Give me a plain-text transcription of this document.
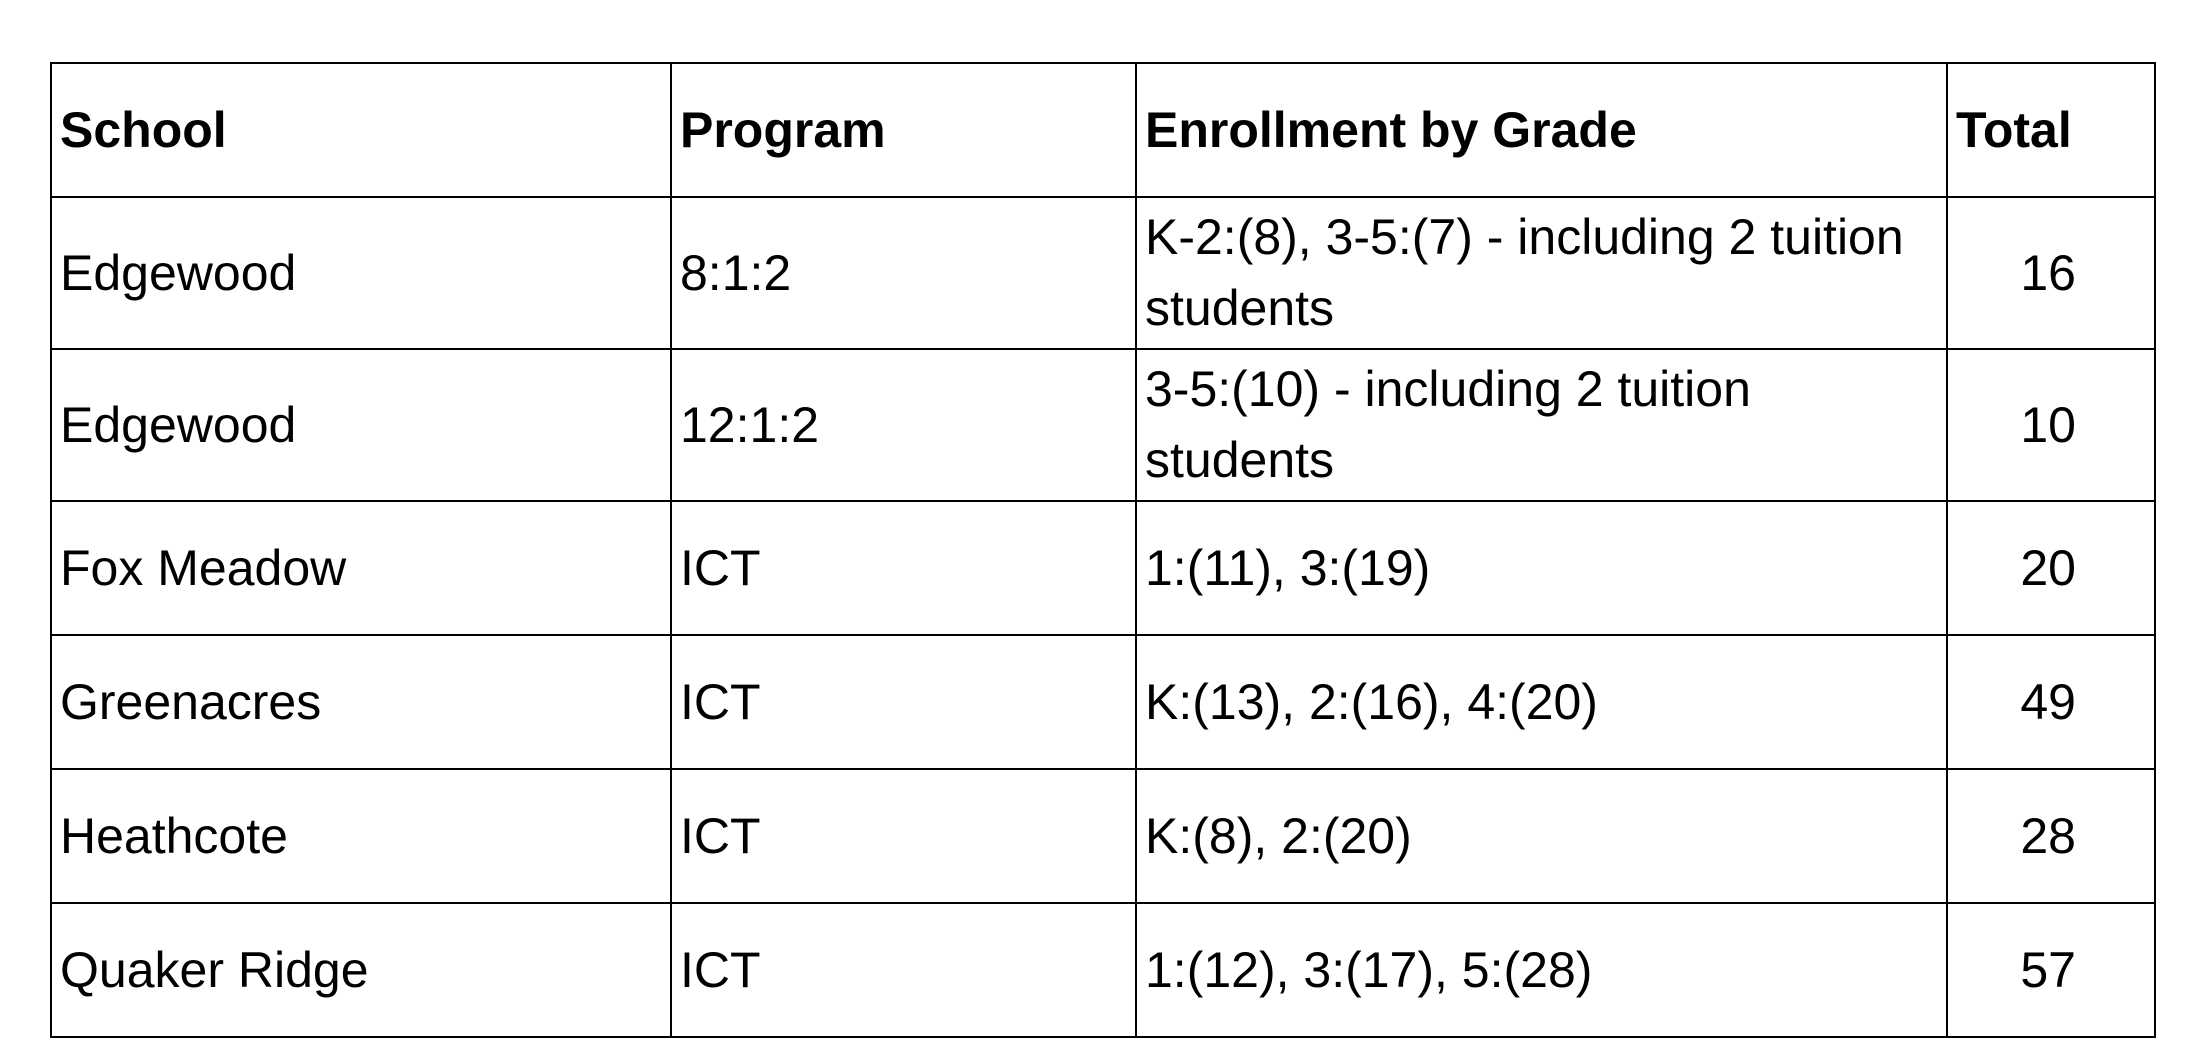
School	Program	Enrollment by Grade	Total
Edgewood	8:1:2	K-2:(8), 3-5:(7) - including 2 tuition students	16
Edgewood	12:1:2	3-5:(10) - including 2 tuition students	10
Fox Meadow	ICT	1:(11), 3:(19)	20
Greenacres	ICT	K:(13), 2:(16), 4:(20)	49
Heathcote	ICT	K:(8), 2:(20)	28
Quaker Ridge	ICT	1:(12), 3:(17), 5:(28)	57
